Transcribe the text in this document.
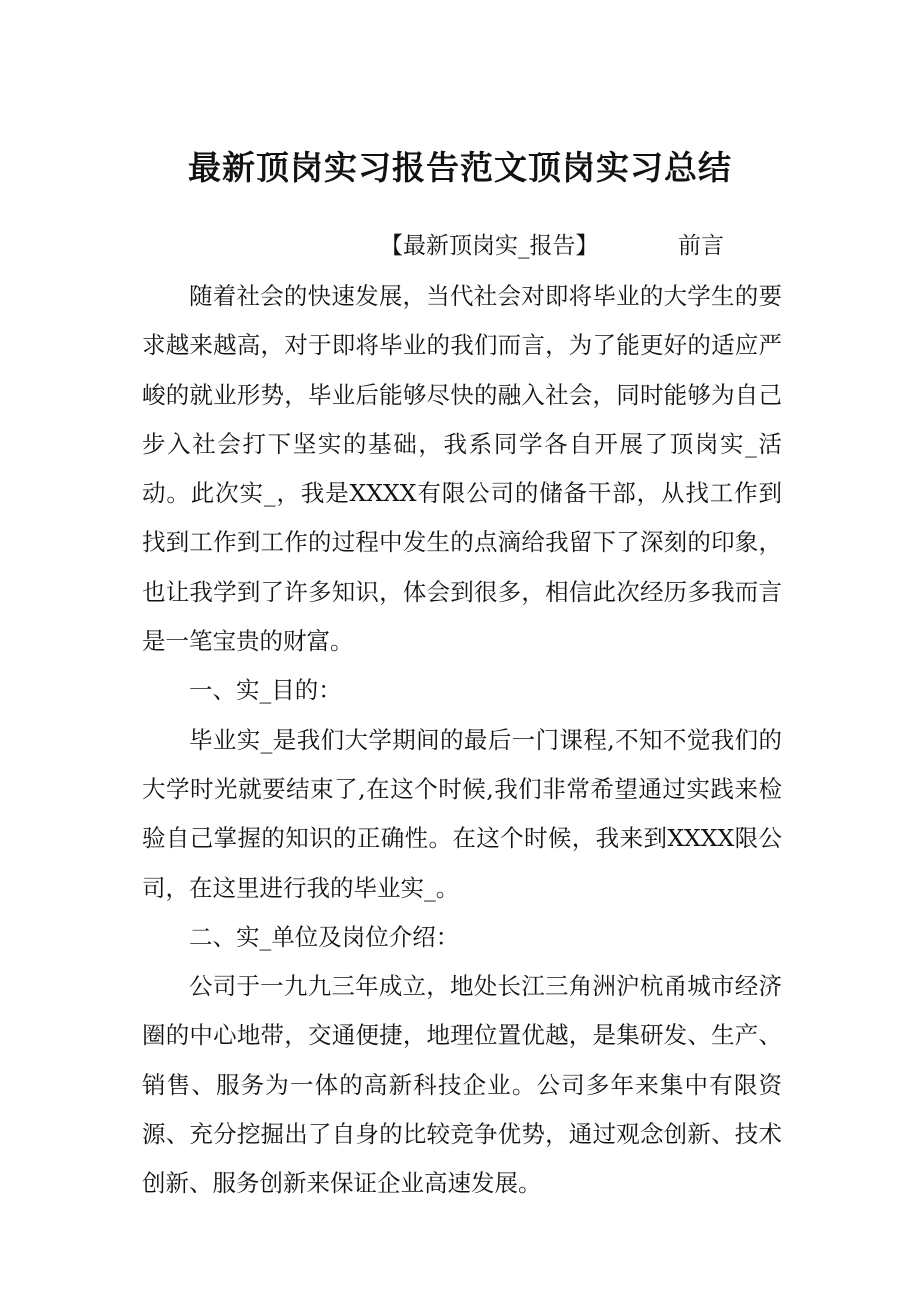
最新顶岗实习报告范文顶岗实习总结
【最新顶岗实_报告】	前言

随着社会的快速发展，当代社会对即将毕业的大学生的要求越来越高，对于即将毕业的我们而言，为了能更好的适应严峻的就业形势，毕业后能够尽快的融入社会，同时能够为自己步入社会打下坚实的基础，我系同学各自开展了顶岗实_活动。此次实_，我是XXXX有限公司的储备干部，从找工作到找到工作到工作的过程中发生的点滴给我留下了深刻的印象，也让我学到了许多知识，体会到很多，相信此次经历多我而言是一笔宝贵的财富。

一、实_目的：

毕业实_是我们大学期间的最后一门课程,不知不觉我们的大学时光就要结束了,在这个时候,我们非常希望通过实践来检验自己掌握的知识的正确性。在这个时候，我来到XXXX限公司，在这里进行我的毕业实_。

二、实_单位及岗位介绍：

公司于一九九三年成立，地处长江三角洲沪杭甬城市经济圈的中心地带，交通便捷，地理位置优越，是集研发、生产、销售、服务为一体的高新科技企业。公司多年来集中有限资源、充分挖掘出了自身的比较竞争优势，通过观念创新、技术创新、服务创新来保证企业高速发展。
